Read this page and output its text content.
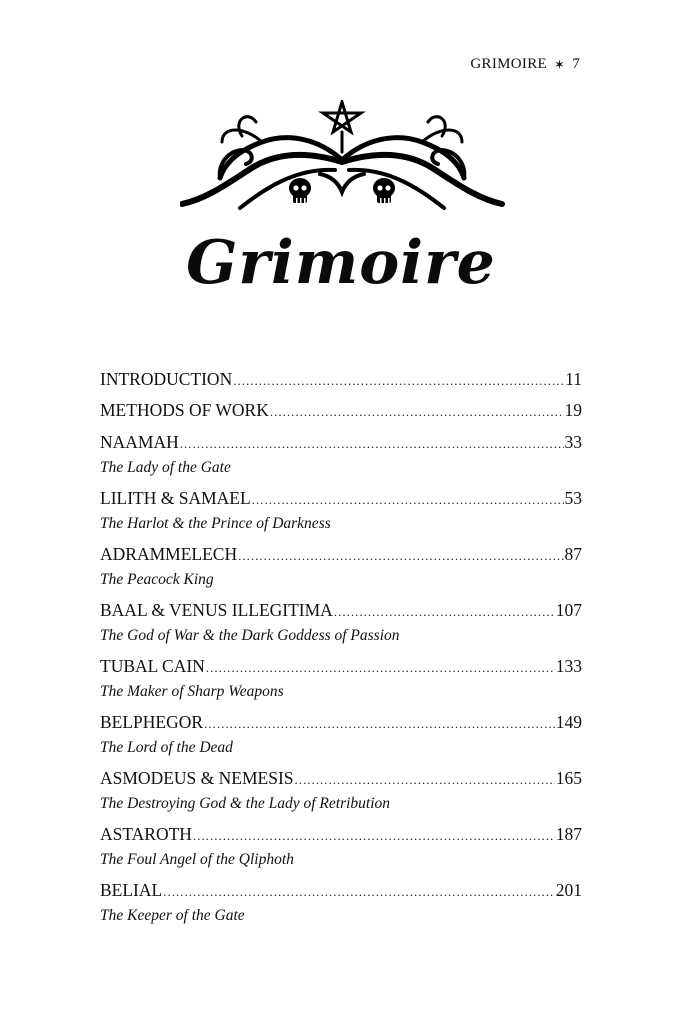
GRIMOIRE ✶ 7
Grimoire
INTRODUCTION .....	11
METHODS OF WORK .....	19
NAAMAH .....	33
The Lady of the Gate
LILITH & SAMAEL .....	53
The Harlot & the Prince of Darkness
ADRAMMELECH .....	87
The Peacock King
BAAL & VENUS ILLEGITIMA .....	107
The God of War & the Dark Goddess of Passion
TUBAL CAIN .....	133
The Maker of Sharp Weapons
BELPHEGOR .....	149
The Lord of the Dead
ASMODEUS & NEMESIS .....	165
The Destroying God & the Lady of Retribution
ASTAROTH .....	187
The Foul Angel of the Qliphoth
BELIAL .....	201
The Keeper of the Gate
